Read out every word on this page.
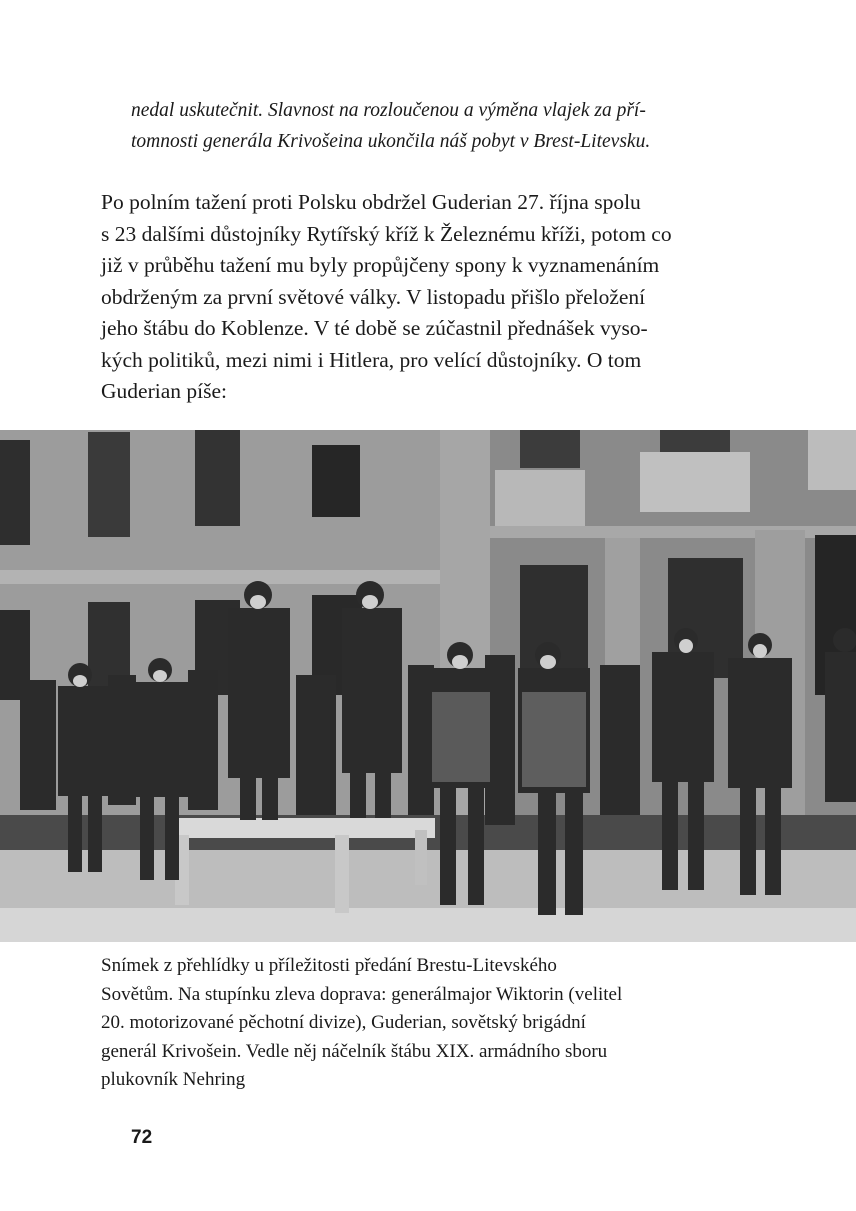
nedal uskutečnit. Slavnost na rozloučenou a výměna vlajek za pří-

tomnosti generála Krivošeina ukončila náš pobyt v Brest-Litevsku.

Po polním tažení proti Polsku obdržel Guderian 27. října spolu

s 23 dalšími důstojníky Rytířský kříž k Železnému kříži, potom co

již v průběhu tažení mu byly propůjčeny spony k vyznamenáním

obdrženým za první světové války. V listopadu přišlo přeložení

jeho štábu do Koblenze. V té době se zúčastnil přednášek vyso-

kých politiků, mezi nimi i Hitlera, pro velící důstojníky. O tom

Guderian píše:

Snímek z přehlídky u příležitosti předání Brestu-Litevského

Sovětům. Na stupínku zleva doprava: generálmajor Wiktorin (velitel

20. motorizované pěchotní divize), Guderian, sovětský brigádní

generál Krivošein. Vedle něj náčelník štábu XIX. armádního sboru

plukovník Nehring

72
